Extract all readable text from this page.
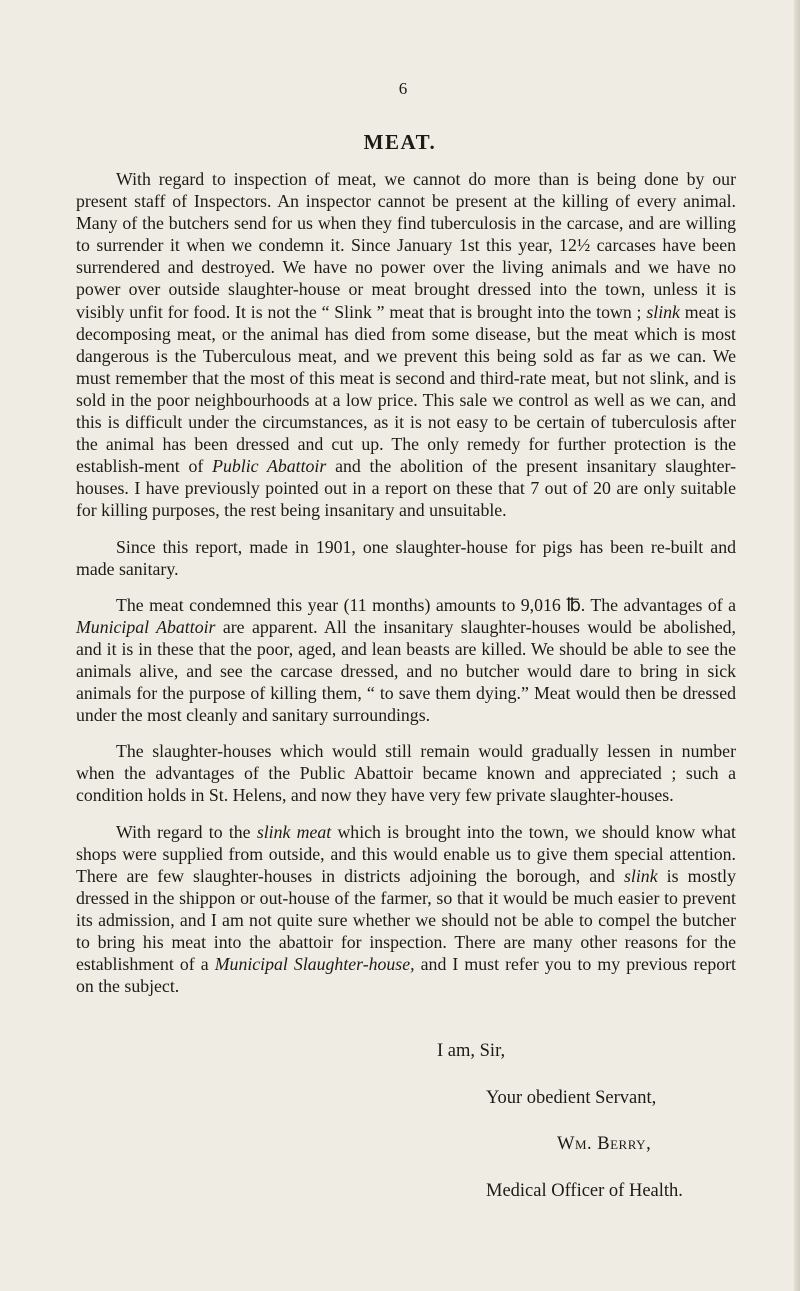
6
MEAT.

With regard to inspection of meat, we cannot do more than is being done by our present staff of Inspectors. An inspector cannot be present at the killing of every animal. Many of the butchers send for us when they find tuberculosis in the carcase, and are willing to surrender it when we condemn it. Since January 1st this year, 12½ carcases have been surrendered and destroyed. We have no power over the living animals and we have no power over outside slaughter-house or meat brought dressed into the town, unless it is visibly unfit for food. It is not the “ Slink ” meat that is brought into the town ; slink meat is decomposing meat, or the animal has died from some disease, but the meat which is most dangerous is the Tuberculous meat, and we prevent this being sold as far as we can. We must remember that the most of this meat is second and third-rate meat, but not slink, and is sold in the poor neighbourhoods at a low price. This sale we control as well as we can, and this is difficult under the circumstances, as it is not easy to be certain of tuberculosis after the animal has been dressed and cut up. The only remedy for further protection is the establish-ment of Public Abattoir and the abolition of the present insanitary slaughter-houses. I have previously pointed out in a report on these that 7 out of 20 are only suitable for killing purposes, the rest being insanitary and unsuitable.

Since this report, made in 1901, one slaughter-house for pigs has been re-built and made sanitary.

The meat condemned this year (11 months) amounts to 9,016 ℔. The advantages of a Municipal Abattoir are apparent. All the insanitary slaughter-houses would be abolished, and it is in these that the poor, aged, and lean beasts are killed. We should be able to see the animals alive, and see the carcase dressed, and no butcher would dare to bring in sick animals for the purpose of killing them, “ to save them dying.” Meat would then be dressed under the most cleanly and sanitary surroundings.

The slaughter-houses which would still remain would gradually lessen in number when the advantages of the Public Abattoir became known and appreciated ; such a condition holds in St. Helens, and now they have very few private slaughter-houses.

With regard to the slink meat which is brought into the town, we should know what shops were supplied from outside, and this would enable us to give them special attention. There are few slaughter-houses in districts adjoining the borough, and slink is mostly dressed in the shippon or out-house of the farmer, so that it would be much easier to prevent its admission, and I am not quite sure whether we should not be able to compel the butcher to bring his meat into the abattoir for inspection. There are many other reasons for the establishment of a Municipal Slaughter-house, and I must refer you to my previous report on the subject.

I am, Sir,
Your obedient Servant,
Wm. Berry,
Medical Officer of Health.
